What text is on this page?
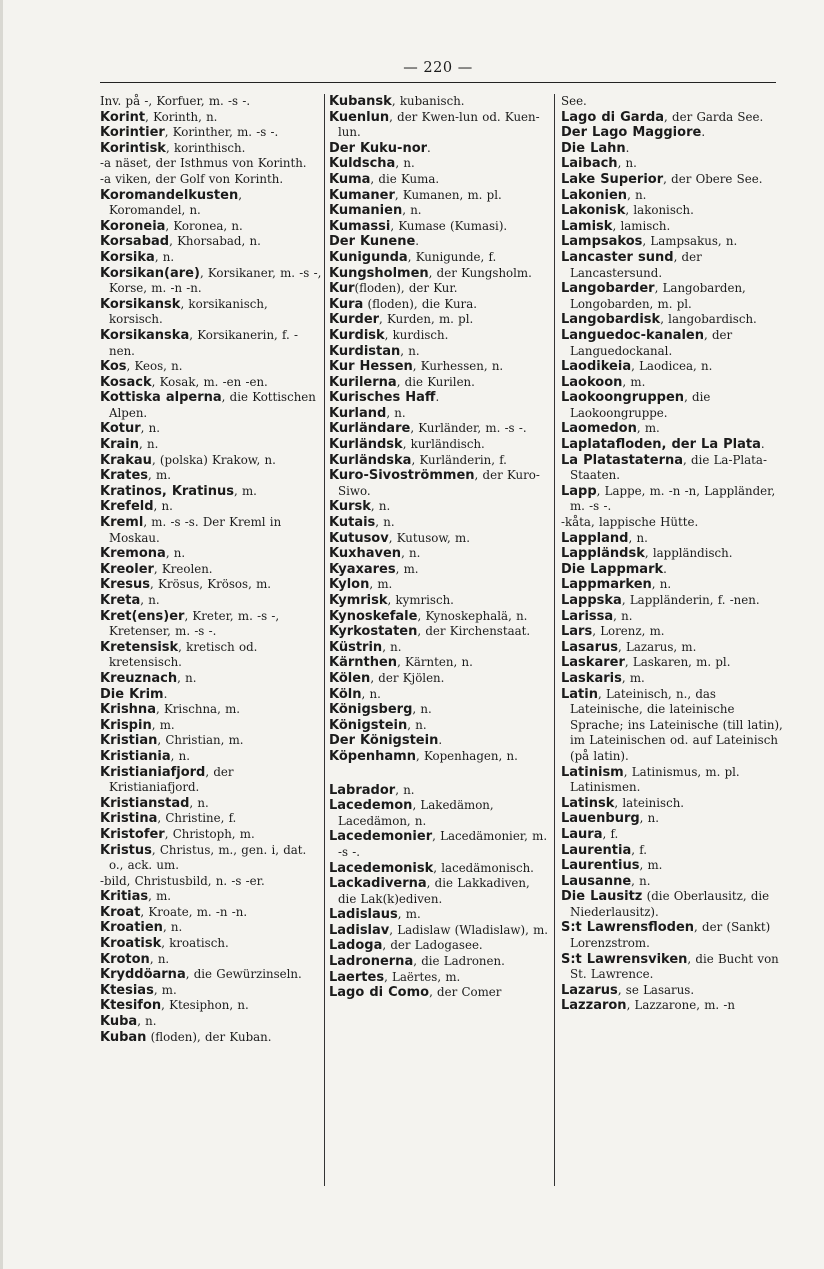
— 220 —
Inv. på -, Korfuer, m. -s -.
Korint, Korinth, n.
Korintier, Korinther, m. -s -.
Korintisk, korinthisch.
-a näset, der Isthmus von Korinth.
-a viken, der Golf von Korinth.
Koromandelkusten, Koromandel, n.
Koroneia, Koronea, n.
Korsabad, Khorsabad, n.
Korsika, n.
Korsikan(are), Korsikaner, m. -s -, Korse, m. -n -n.
Korsikansk, korsikanisch, korsisch.
Korsikanska, Korsikanerin, f. -nen.
Kos, Keos, n.
Kosack, Kosak, m. -en -en.
Kottiska alperna, die Kottischen Alpen.
Kotur, n.
Krain, n.
Krakau, (polska) Krakow, n.
Krates, m.
Kratinos, Kratinus, m.
Krefeld, n.
Kreml, m. -s -s. Der Kreml in Moskau.
Kremona, n.
Kreoler, Kreolen.
Kresus, Krösus, Krösos, m.
Kreta, n.
Kret(ens)er, Kreter, m. -s -, Kretenser, m. -s -.
Kretensisk, kretisch od. kretensisch.
Kreuznach, n.
Die Krim.
Krishna, Krischna, m.
Krispin, m.
Kristian, Christian, m.
Kristiania, n.
Kristianiafjord, der Kristianiafjord.
Kristianstad, n.
Kristina, Christine, f.
Kristofer, Christoph, m.
Kristus, Christus, m., gen. i, dat. o., ack. um.
-bild, Christusbild, n. -s -er.
Kritias, m.
Kroat, Kroate, m. -n -n.
Kroatien, n.
Kroatisk, kroatisch.
Kroton, n.
Kryddöarna, die Gewürzinseln.
Ktesias, m.
Ktesifon, Ktesiphon, n.
Kuba, n.
Kuban (floden), der Kuban.
Kubansk, kubanisch.
Kuenlun, der Kwen-lun od. Kuen-lun.
Der Kuku-nor.
Kuldscha, n.
Kuma, die Kuma.
Kumaner, Kumanen, m. pl.
Kumanien, n.
Kumassi, Kumase (Kumasi).
Der Kunene.
Kunigunda, Kunigunde, f.
Kungsholmen, der Kungsholm.
Kur(floden), der Kur.
Kura (floden), die Kura.
Kurder, Kurden, m. pl.
Kurdisk, kurdisch.
Kurdistan, n.
Kur Hessen, Kurhessen, n.
Kurilerna, die Kurilen.
Kurisches Haff.
Kurland, n.
Kurländare, Kurländer, m. -s -.
Kurländsk, kurländisch.
Kurländska, Kurländerin, f.
Kuro-Sivoströmmen, der Kuro-Siwo.
Kursk, n.
Kutais, n.
Kutusov, Kutusow, m.
Kuxhaven, n.
Kyaxares, m.
Kylon, m.
Kymrisk, kymrisch.
Kynoskefale, Kynoskephalä, n.
Kyrkostaten, der Kirchenstaat.
Küstrin, n.
Kärnthen, Kärnten, n.
Kölen, der Kjölen.
Köln, n.
Königsberg, n.
Königstein, n.
Der Königstein.
Köpenhamn, Kopenhagen, n.
Labrador, n.
Lacedemon, Lakedämon, Lacedämon, n.
Lacedemonier, Lacedämonier, m. -s -.
Lacedemonisk, lacedämonisch.
Lackadiverna, die Lakkadiven, die Lak(k)ediven.
Ladislaus, m.
Ladislav, Ladislaw (Wladislaw), m.
Ladoga, der Ladogasee.
Ladronerna, die Ladronen.
Laertes, Laërtes, m.
Lago di Como, der Comer
See.
Lago di Garda, der Garda See.
Der Lago Maggiore.
Die Lahn.
Laibach, n.
Lake Superior, der Obere See.
Lakonien, n.
Lakonisk, lakonisch.
Lamisk, lamisch.
Lampsakos, Lampsakus, n.
Lancaster sund, der Lancastersund.
Langobarder, Langobarden, Longobarden, m. pl.
Langobardisk, langobardisch.
Languedoc-kanalen, der Languedockanal.
Laodikeia, Laodicea, n.
Laokoon, m.
Laokoongruppen, die Laokoongruppe.
Laomedon, m.
Laplatafloden, der La Plata.
La Platastaterna, die La-Plata-Staaten.
Lapp, Lappe, m. -n -n, Lappländer, m. -s -.
-kåta, lappische Hütte.
Lappland, n.
Lappländsk, lappländisch.
Die Lappmark.
Lappmarken, n.
Lappska, Lappländerin, f. -nen.
Larissa, n.
Lars, Lorenz, m.
Lasarus, Lazarus, m.
Laskarer, Laskaren, m. pl.
Laskaris, m.
Latin, Lateinisch, n., das Lateinische, die lateinische Sprache; ins Lateinische (till latin), im Lateinischen od. auf Lateinisch (på latin).
Latinism, Latinismus, m. pl. Latinismen.
Latinsk, lateinisch.
Lauenburg, n.
Laura, f.
Laurentia, f.
Laurentius, m.
Lausanne, n.
Die Lausitz (die Oberlausitz, die Niederlausitz).
S:t Lawrensfloden, der (Sankt) Lorenzstrom.
S:t Lawrensviken, die Bucht von St. Lawrence.
Lazarus, se Lasarus.
Lazzaron, Lazzarone, m. -n
